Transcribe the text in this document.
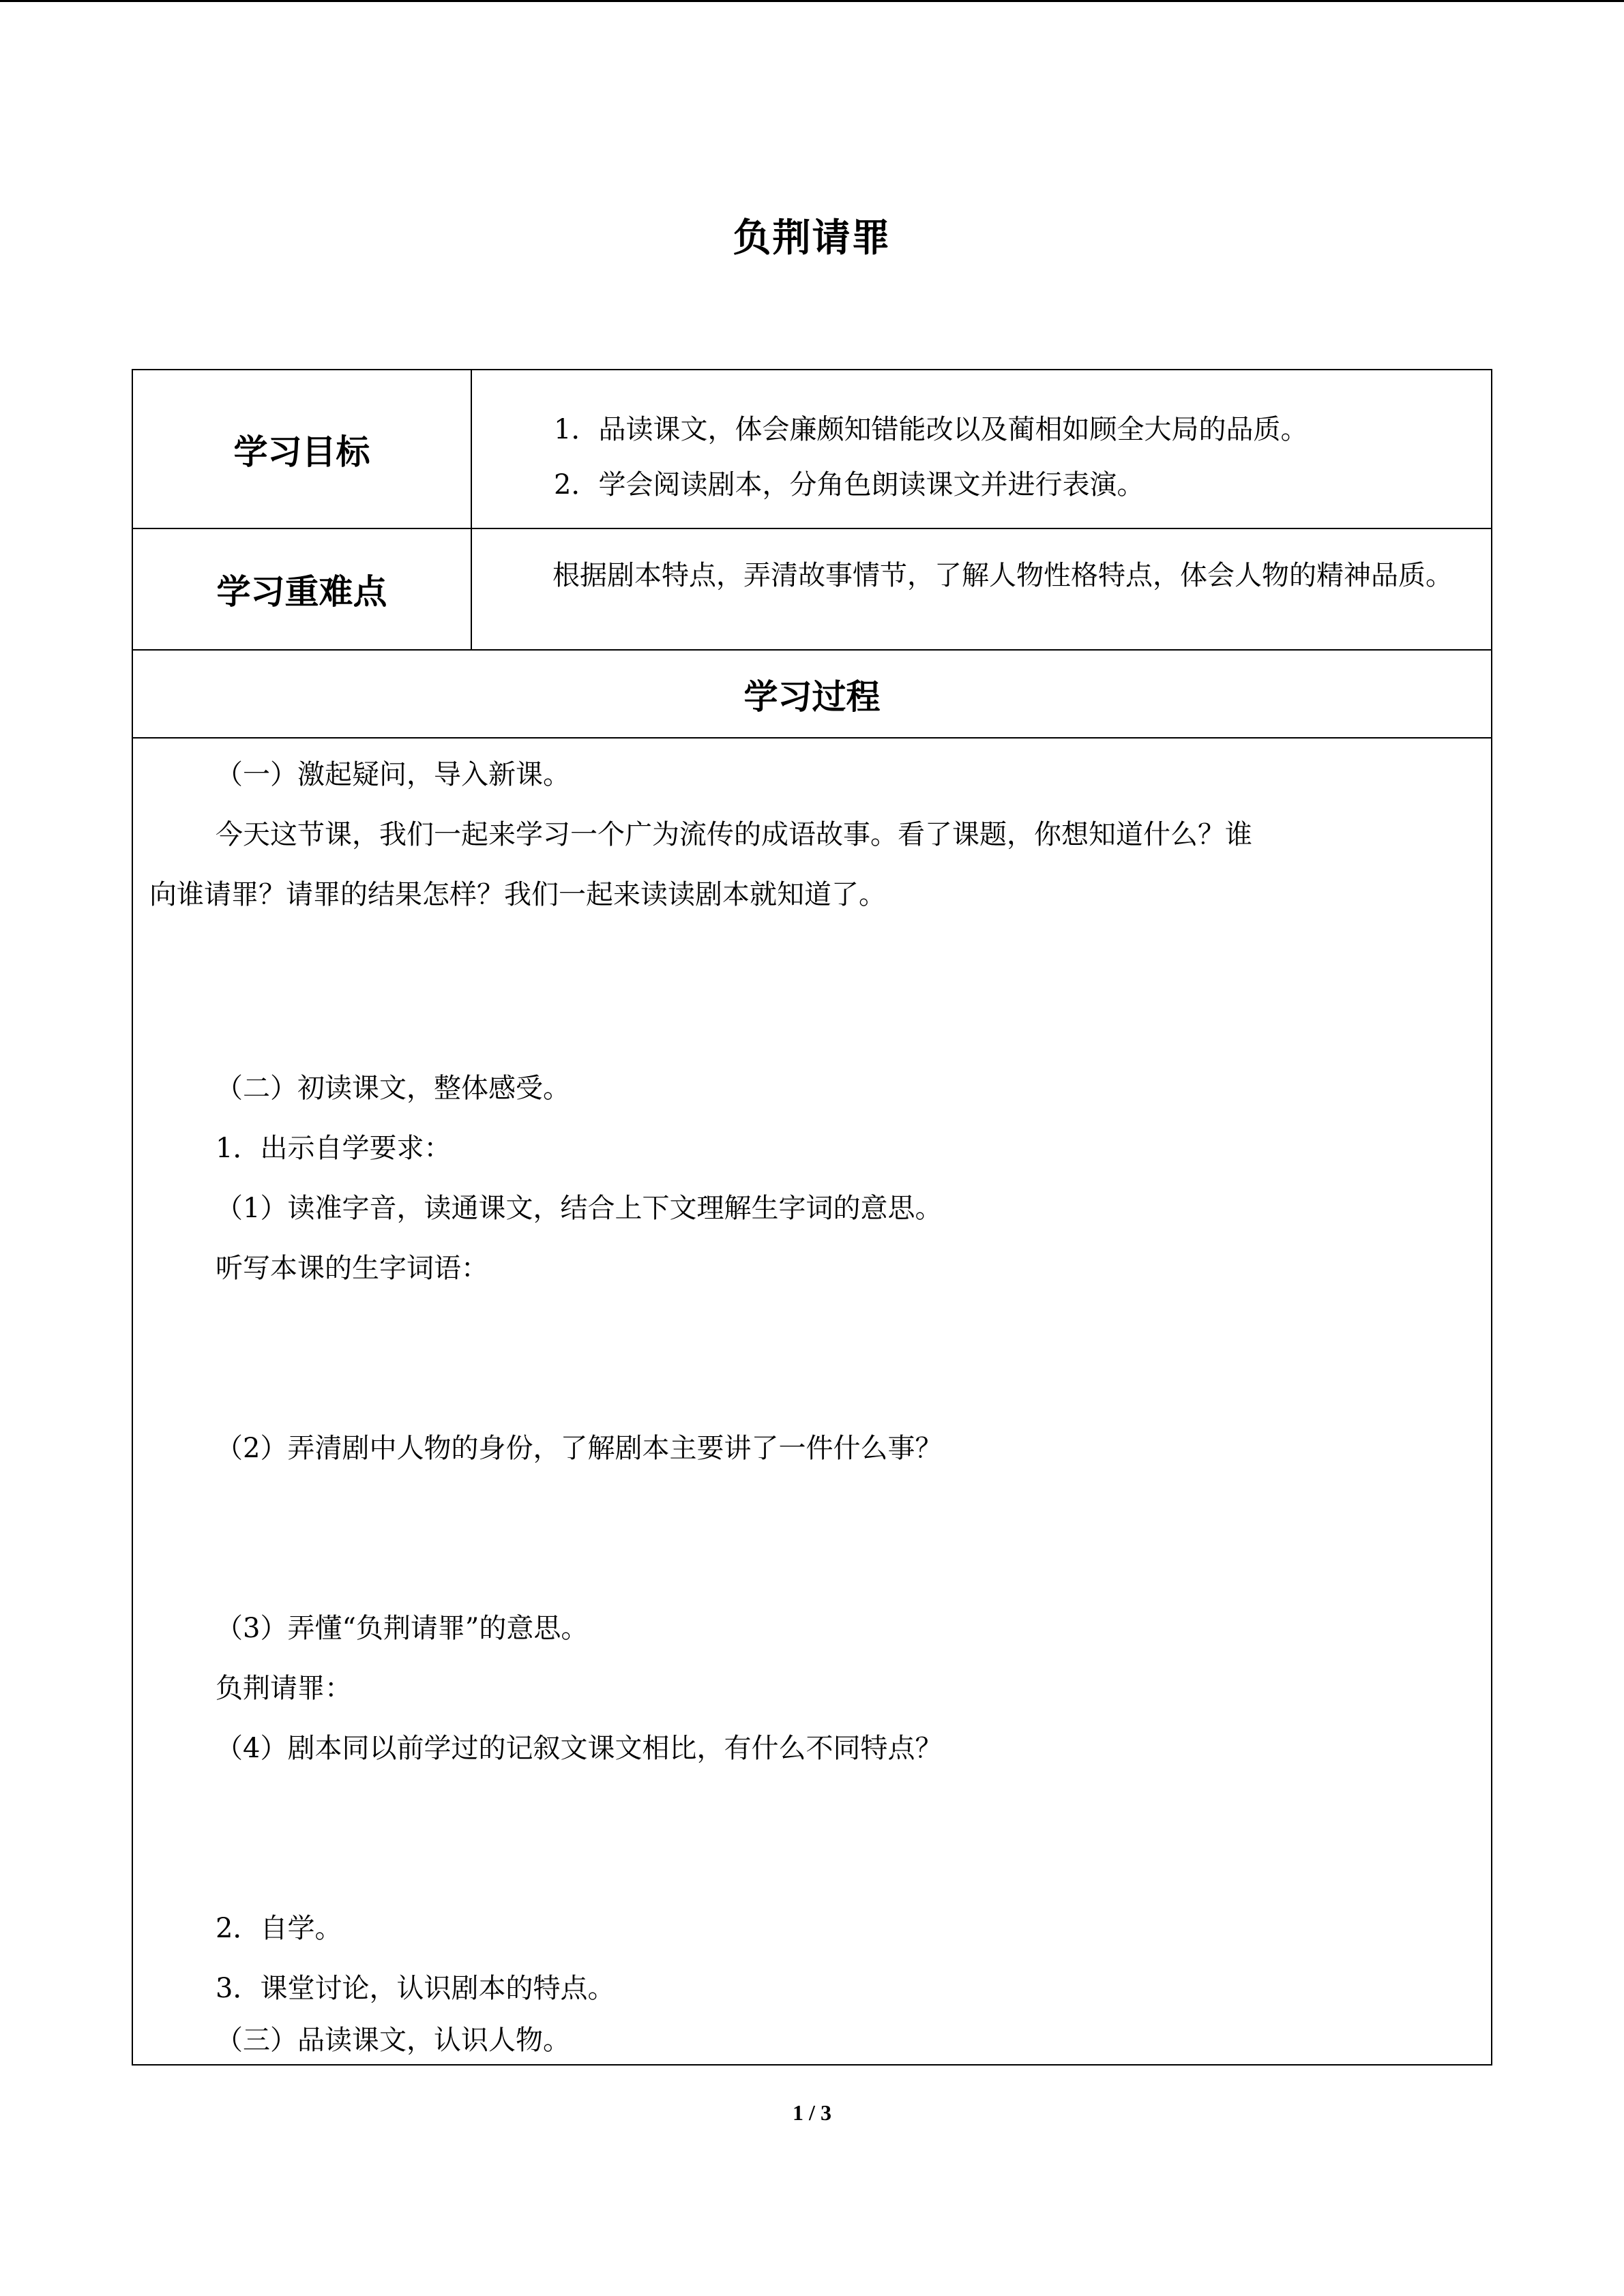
负荆请罪
学习目标
1．品读课文，体会廉颇知错能改以及蔺相如顾全大局的品质。
2．学会阅读剧本，分角色朗读课文并进行表演。
学习重难点	根据剧本特点，弄清故事情节，了解人物性格特点，体会人物的精神品质。
学习过程
（一）激起疑问，导入新课。
今天这节课，我们一起来学习一个广为流传的成语故事。看了课题，你想知道什么？谁
向谁请罪？请罪的结果怎样？我们一起来读读剧本就知道了。
（二）初读课文，整体感受。
1．出示自学要求：
（1）读准字音，读通课文，结合上下文理解生字词的意思。
听写本课的生字词语：
（2）弄清剧中人物的身份，了解剧本主要讲了一件什么事？
（3）弄懂“负荆请罪”的意思。
负荆请罪：
（4）剧本同以前学过的记叙文课文相比，有什么不同特点？
2．自学。
3．课堂讨论，认识剧本的特点。
（三）品读课文，认识人物。
1 / 3
